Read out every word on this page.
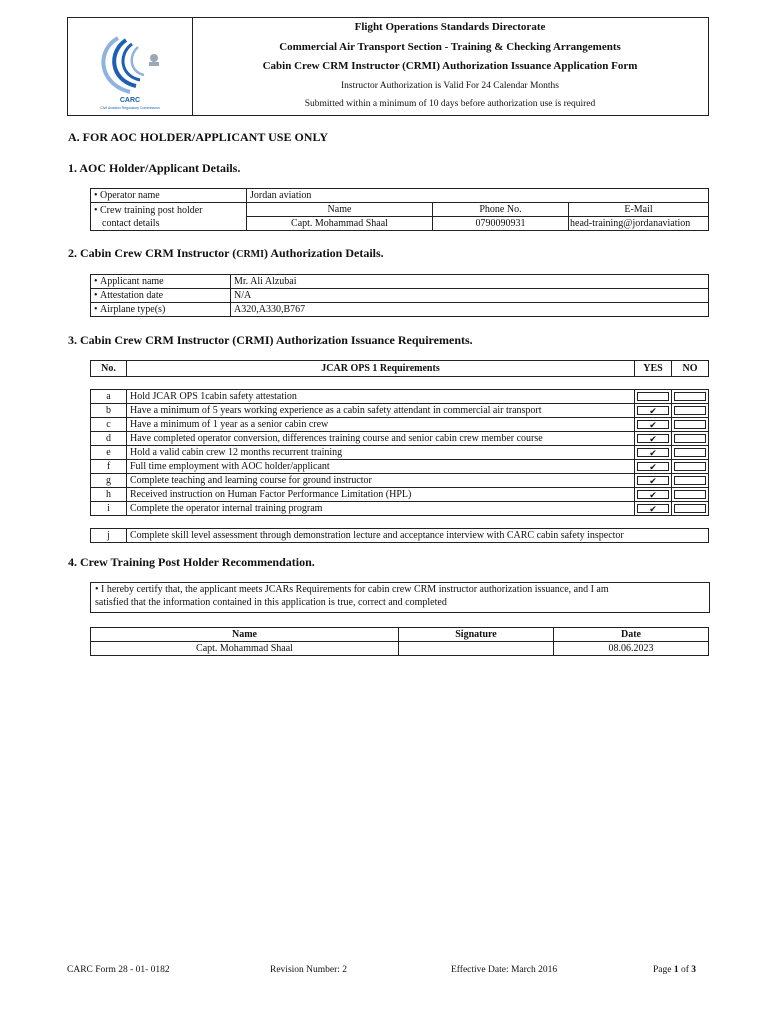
CARC
Civil Aviation Regulatory Commission
Flight Operations Standards Directorate
Commercial Air Transport Section - Training & Checking Arrangements
Cabin Crew CRM Instructor (CRMI) Authorization Issuance Application Form
Instructor Authorization is Valid For 24 Calendar Months
Submitted within a minimum of 10 days before authorization use is required
A. FOR AOC HOLDER/APPLICANT USE ONLY
1. AOC Holder/Applicant Details.
• Operator name	Jordan aviation		

• Crew training post holder
contact details	Name	Phone No.	E-Mail
	Capt. Mohammad Shaal	0790090931	head-training@jordanaviation
2. Cabin Crew CRM Instructor (CRMI) Authorization Details.
• Applicant name	Mr. Ali Alzubai
• Attestation date	N/A
• Airplane type(s)	A320,A330,B767
3. Cabin Crew CRM Instructor (CRMI) Authorization Issuance Requirements.
No.	JCAR OPS 1 Requirements	YES	NO
a	Hold JCAR OPS 1cabin safety attestation		
b	Have a minimum of 5 years working experience as a cabin safety attendant in commercial air transport	✔	
c	Have a minimum of 1 year as a senior cabin crew	✔	
d	Have completed operator conversion, differences training course and senior cabin crew member course	✔	
e	Hold a valid cabin crew 12 months recurrent training	✔	
f	Full time employment with AOC holder/applicant	✔	
g	Complete teaching and learning course for ground instructor	✔	
h	Received instruction on Human Factor Performance Limitation (HPL)	✔	
i	Complete the operator internal training program	✔	
j	Complete skill level assessment through demonstration lecture and acceptance interview with CARC cabin safety inspector
4. Crew Training Post Holder Recommendation.
• I hereby certify that, the applicant meets JCARs Requirements for cabin crew CRM instructor authorization issuance, and I am
satisfied that the information contained in this application is true, correct and completed
Name	Signature	Date
Capt. Mohammad Shaal		08.06.2023
CARC Form 28 - 01- 0182	Revision Number: 2	Effective Date: March 2016	Page 1 of 3
